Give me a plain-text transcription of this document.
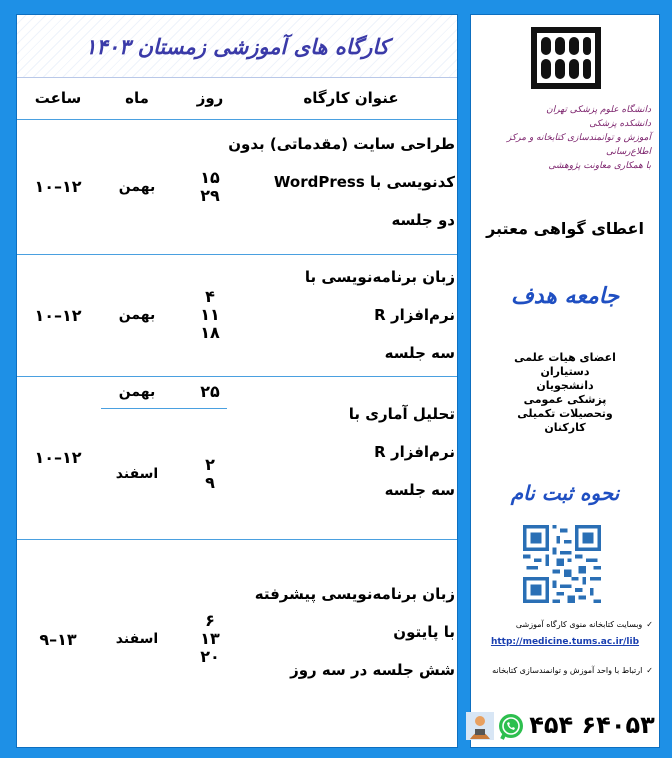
کارگاه های آموزشی زمستان ۱۴۰۳
عنوان کارگاه
روز
ماه
ساعت
طراحی سایت (مقدماتی) بدون
کدنویسی با WordPress
دو جلسه
۱۵
۲۹
بهمن
۱۲–۱۰
زبان برنامه‌نویسی با
نرم‌افزار R
سه جلسه
۴
۱۱
۱۸
بهمن
۱۲–۱۰
تحلیل آماری با
نرم‌افزار R
سه جلسه
۲۵
بهمن
۲
۹
اسفند
۱۲–۱۰
زبان برنامه‌نویسی پیشرفته
با پایتون
شش جلسه در سه روز
۶
۱۳
۲۰
اسفند
۱۳–۹
دانشگاه علوم پزشکی تهران
دانشکده پزشکی
آموزش و توانمندسازی کتابخانه و مرکز اطلاع‌رسانی
با همکاری معاونت پژوهشی
اعطای گواهی معتبر
جامعه هدف
اعضای هیات علمی
دستیاران
دانشجویان
پزشکی عمومی
وتحصیلات تکمیلی
کارکنان
نحوه ثبت نام
✓
وبسایت کتابخانه منوی کارگاه آموزشی
http://medicine.tums.ac.ir/lib
✓
ارتباط با واحد آموزش و توانمندسازی کتابخانه
۶۴۰۵۳ ۴۵۴
